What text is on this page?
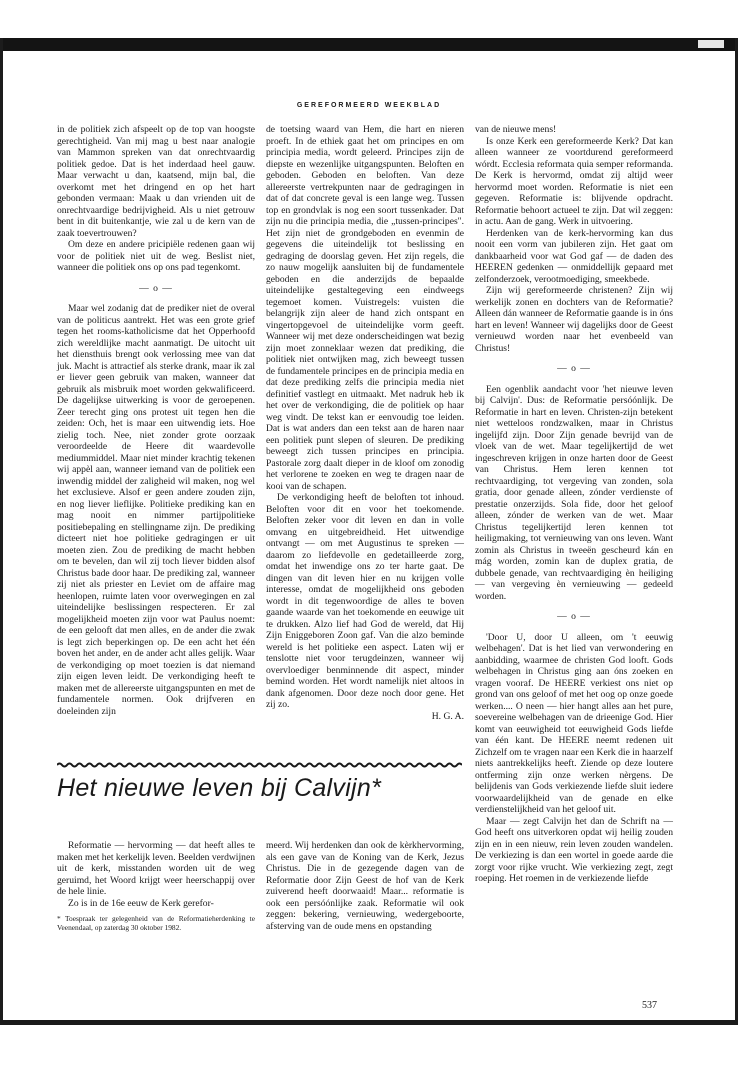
GEREFORMEERD WEEKBLAD

in de politiek zich afspeelt op de top van hoogste gerechtigheid. Van mij mag u best naar analogie van Mammon spreken van dat onrechtvaardig politiek gedoe. Dat is het inderdaad heel gauw. Maar verwacht u dan, kaatsend, mijn bal, die overkomt met het dringend en op het hart gebonden vermaan: Maak u dan vrienden uit de onrechtvaardige bedrijvigheid. Als u niet getrouw bent in dit buitenkantje, wie zal u de kern van de zaak toevertrouwen?

Om deze en andere pricipiële redenen gaan wij voor de politiek niet uit de weg. Beslist niet, wanneer die politiek ons op ons pad tegenkomt.

— o —

Maar wel zodanig dat de prediker niet de overal van de politicus aantrekt. Het was een grote grief tegen het rooms-katholicisme dat het Opperhoofd zich wereldlijke macht aanmatigt. De uitocht uit het diensthuis brengt ook verlossing mee van dat juk. Macht is attractief als sterke drank, maar ik zal er liever geen gebruik van maken, wanneer dat gebruik als misbruik moet worden gekwalificeerd. De dagelijkse uitwerking is voor de geroepenen. Zeer terecht ging ons protest uit tegen hen die zeiden: Och, het is maar een uitwendig iets. Hoe zielig toch. Nee, niet zonder grote oorzaak veroordeelde de Heere dit waardevolle mediummiddel. Maar niet minder krachtig tekenen wij appèl aan, wanneer iemand van de politiek een inwendig middel der zaligheid wil maken, nog wel het exclusieve. Alsof er geen andere zouden zijn, en nog liever lieflijke. Politieke prediking kan en mag nooit en nimmer partijpolitieke positiebepaling en stellingname zijn. De prediking dicteert niet hoe politieke gedragingen er uit moeten zien. Zou de prediking de macht hebben om te bevelen, dan wil zij toch liever bidden alsof Christus bade door haar. De prediking zal, wanneer zij niet als priester en Leviet om de affaire mag heenlopen, ruimte laten voor overwegingen en zal uiteindelijke beslissingen respecteren. Er zal mogelijkheid moeten zijn voor wat Paulus noemt: de een gelooft dat men alles, en de ander die zwak is legt zich beperkingen op. De een acht het één boven het ander, en de ander acht alles gelijk. Waar de verkondiging op moet toezien is dat niemand zijn eigen leven leidt. De verkondiging heeft te maken met de allereerste uitgangspunten en met de fundamentele normen. Ook drijfveren en doeleinden zijn

de toetsing waard van Hem, die hart en nieren proeft. In de ethiek gaat het om principes en om principia media, wordt geleerd. Principes zijn de diepste en wezenlijke uitgangspunten. Beloften en geboden. Geboden en beloften. Van deze allereerste vertrekpunten naar de gedragingen in dat of dat concrete geval is een lange weg. Tussen top en grondvlak is nog een soort tussenkader. Dat zijn nu die principia media, die „tussen-principes". Het zijn niet de grondgeboden en evenmin de gegevens die uiteindelijk tot beslissing en gedraging de doorslag geven. Het zijn regels, die zo nauw mogelijk aansluiten bij de fundamentele geboden en die anderzijds de bepaalde uiteindelijke gestaltegeving een eindweegs tegemoet komen. Vuistregels: vuisten die belangrijk zijn aleer de hand zich ontspant en vingertopgevoel de uiteindelijke vorm geeft. Wanneer wij met deze onderscheidingen wat bezig zijn moet zonneklaar wezen dat prediking, die politiek niet ontwijken mag, zich beweegt tussen de fundamentele principes en de principia media en dat deze prediking zelfs die principia media niet definitief vastlegt en uitmaakt. Met nadruk heb ik het over de verkondiging, die de politiek op haar weg vindt. De tekst kan er eenvoudig toe leiden. Dat is wat anders dan een tekst aan de haren naar een politiek punt slepen of sleuren. De prediking beweegt zich tussen principes en principia. Pastorale zorg daalt dieper in de kloof om zonodig het verlorene te zoeken en weg te dragen naar de kooi van de schapen.

De verkondiging heeft de beloften tot inhoud. Beloften voor dit en voor het toekomende. Beloften zeker voor dit leven en dan in volle omvang en uitgebreidheid. Het uitwendige ontvangt — om met Augustinus te spreken — daarom zo liefdevolle en gedetailleerde zorg, omdat het inwendige ons zo ter harte gaat. De dingen van dit leven hier en nu krijgen volle interesse, omdat de mogelijkheid ons geboden wordt in dit tegenwoordige de alles te boven gaande waarde van het toekomende en eeuwige uit te drukken. Alzo lief had God de wereld, dat Hij Zijn Eniggeboren Zoon gaf. Van die alzo beminde wereld is het politieke een aspect. Laten wij er tenslotte niet voor terugdeinzen, wanneer wij overvloediger benminnende dit aspect, minder bemind worden. Het wordt namelijk niet altoos in dank afgenomen. Door deze noch door gene. Het zij zo.

H. G. A.

van de nieuwe mens!

Is onze Kerk een gereformeerde Kerk? Dat kan alleen wanneer ze voortdurend gereformeerd wórdt. Ecclesia reformata quia semper reformanda. De Kerk is hervormd, omdat zij altijd weer hervormd moet worden. Reformatie is niet een gegeven. Reformatie is: blijvende opdracht. Reformatie behoort actueel te zijn. Dat wil zeggen: in actu. Aan de gang. Werk in uitvoering.

Herdenken van de kerk-hervorming kan dus nooit een vorm van jubileren zijn. Het gaat om dankbaarheid voor wat God gaf — de daden des HEEREN gedenken — onmiddellijk gepaard met zelfonderzoek, verootmoediging, smeekbede.

Zijn wij gereformeerde christenen? Zijn wij werkelijk zonen en dochters van de Reformatie? Alleen dán wanneer de Reformatie gaande is in óns hart en leven! Wanneer wij dagelijks door de Geest vernieuwd worden naar het evenbeeld van Christus!

— o —

Een ogenblik aandacht voor 'het nieuwe leven bij Calvijn'. Dus: de Reformatie persóónlijk. De Reformatie in hart en leven. Christen-zijn betekent niet wetteloos rondzwalken, maar in Christus ingelijfd zijn. Door Zijn genade bevrijd van de vloek van de wet. Maar tegelijkertijd de wet ingeschreven krijgen in onze harten door de Geest van Christus. Hem leren kennen tot rechtvaardiging, tot vergeving van zonden, sola gratia, door genade alleen, zónder verdienste of prestatie onzerzijds. Sola fide, door het geloof alleen, zónder de werken van de wet. Maar Christus tegelijkertijd leren kennen tot heiligmaking, tot vernieuwing van ons leven. Want zomin als Christus in tweeën gescheurd kán en mág worden, zomin kan de duplex gratia, de dubbele genade, van rechtvaardiging èn heiliging — van vergeving èn vernieuwing — gedeeld worden.

— o —

'Door U, door U alleen, om 't eeuwig welbehagen'. Dat is het lied van verwondering en aanbidding, waarmee de christen God looft. Gods welbehagen in Christus ging aan óns zoeken en vragen vooraf. De HEERE verkiest ons niet op grond van ons geloof of met het oog op onze goede werken.... O neen — hier hangt alles aan het pure, soevereine welbehagen van de drieenige God. Hier komt van eeuwigheid tot eeuwigheid Gods liefde van één kant. De HEERE neemt redenen uit Zichzelf om te vragen naar een Kerk die in haarzelf niets aantrekkelijks heeft. Ziende op deze loutere ontferming zijn onze werken nèrgens. De belijdenis van Gods verkiezende liefde sluit iedere voorwaardelijkheid van de genade en elke verdienstelijkheid van het geloof uit.

Maar — zegt Calvijn het dan de Schrift na — God heeft ons uitverkoren opdat wij heilig zouden zijn en in een nieuw, rein leven zouden wandelen. De verkiezing is dan een wortel in goede aarde die zorgt voor rijke vrucht. Wie verkiezing zegt, zegt roeping. Het roemen in de verkiezende liefde

Het nieuwe leven bij Calvijn*

Reformatie — hervorming — dat heeft alles te maken met het kerkelijk leven. Beelden verdwijnen uit de kerk, misstanden worden uit de weg geruimd, het Woord krijgt weer heerschappij over de hele linie.

Zo is in de 16e eeuw de Kerk gerefor-

* Toespraak ter gelegenheid van de Reformatieherdenking te Veenendaal, op zaterdag 30 oktober 1982.

meerd. Wij herdenken dan ook de kèrkhervorming, als een gave van de Koning van de Kerk, Jezus Christus. Die in de gezegende dagen van de Reformatie door Zijn Geest de hof van de Kerk zuiverend heeft doorwaaid! Maar... reformatie is ook een persóónlijke zaak. Reformatie wil ook zeggen: bekering, vernieuwing, wedergeboorte, afsterving van de oude mens en opstanding

537
